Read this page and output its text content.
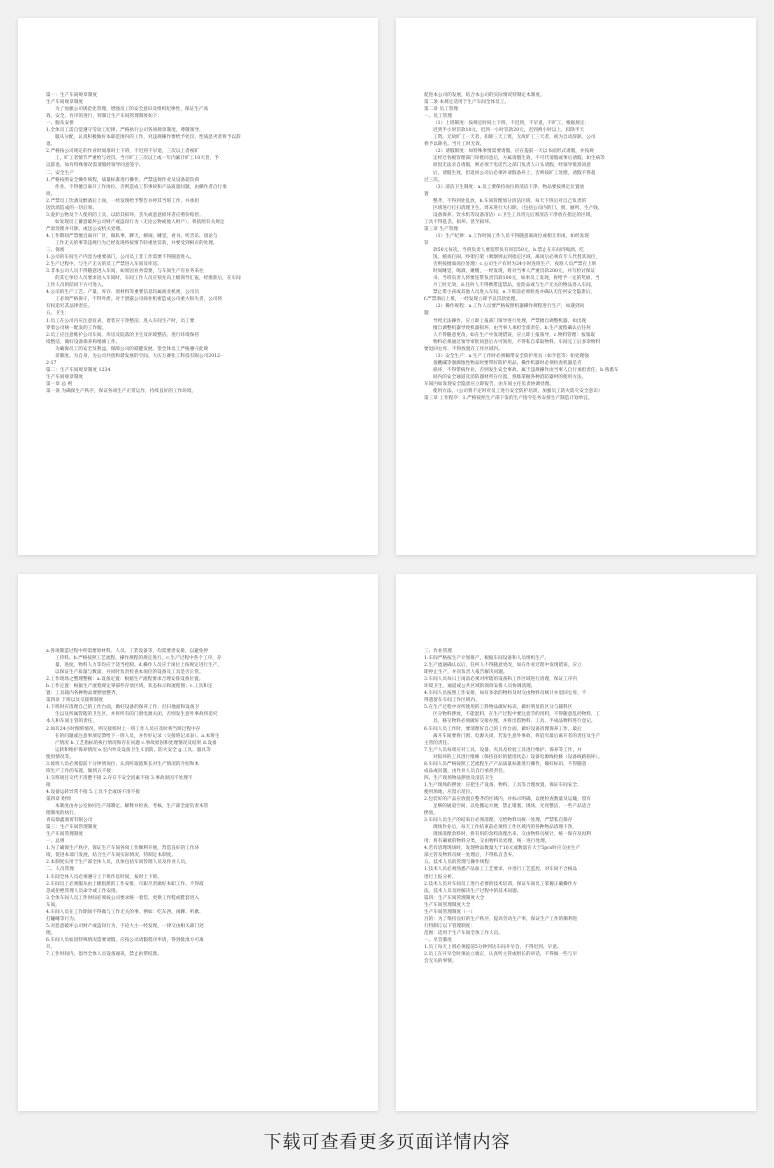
篇一：生产车间规章制度
生产车间规章制度
为了加强公司规范化管理，增强员工的安全意识及组织纪律性，保证生产高
效、安全、有序的进行，特制订生产车间管理制度如下：
一、服从安排
1.全体员工需自觉遵守劳动工纪律，严格执行公司各项规章制度，尊敬领导，
服从分配，认真积极做好本职范围内的工作，对违规操作要给予处罚，性质恶劣者将予以辞
退。
2.严格按公司规定的作业时间准时上下班，不迟到不早退，三次以上者视旷
工，旷工者情节严重给与处罚。当月旷工三次以上或一年内累计旷工10天者，予
以辞退，如有特殊情况需请假经领导同意签字。
二、安全生产
1.严格按照安全操作规程，质量标准进行操作，严禁违规作业及设备超负荷
作业，不得擅自离开工作岗位。否则造成工伤事故和产品质量问题，由操作者自行承
担。
2.严禁员工饮酒及醉酒后上岗，一经发现给予警告并停其当班工作，并承担
因饮酒造成的一切后果。
3.爱护公物及个人使用的工具，以防其损坏，丢失或恶意损坏者应照价赔偿。
如发现员工蓄意破坏公司财产或盗窃行为（无论公物或他人财产），将依照有关规定
严肃处理并开除，或送公安机关处理。
4.工作期间严禁擅自离开厂区，做私事，聊天，嬉闹，睡觉，看书，听音乐，谈论与
工作无关的事等违规行为已经发现将按情节轻重处罚款，并要受到相应的处理。
三、保密
1.公司的车间生产内容为重要部门，公司员工非工作需要不得随意进入。
2.生产过程中，与生产无关的员工严禁进入车间及库房。
3.非本公司人员不得随意进入车间，如果因业务需要，与车间生产有业务来往
的其它单位人员要求进入车间时，车间工作人员应预先向上级领导汇报，经批准后，在车间
工作人员的陪同下方可进入。
4.公司的生产工艺、产量、库存、原材料等重要信息均属商业机密，公司员
工必须严格保守，不得外泄。对于泄露公司商业机密造成公司重大损失者，公司将
有权追究其法律责任。
五、卫生：
1.员工在公司内应注意仪表，着装应干净整洁；进入车间生产时，员工要
穿着公司统一配发的工作服。
2.员工应注意维护公司车间、库房及院落的卫生及环境整洁。进行环境保持
境整洁，做好设备保养和维修工作。
为确保员工的安全及利益，保障公司的稳健发展，望全体员工严格遵守此规
章制度。为自身，为公司共创和谐发展的空间。大庆万赛化工科技有限公司2012-
2-17
篇二：生产车间规章制度 1234
生产车间规章制度
第一章 总 则
第一条 为确保生产秩序，保证各项生产正常运作，持续良好的工作环境，
促进本公司的发展，结合本公司的实际情况特制定本制度。
第二条 本规定适用于生产车间全体员工。
第二章 员工管理
一、员工管理
（1）上班制度：按规定时间上下班，不迟到，不早退，不旷工，根据规定：
迟到半小时罚款10元，迟到一小时罚款20元，迟到两小时以上，扣除半天
工资。无故旷工一天者，扣除三天工资，无故旷工三天者，视为自动辞职，公司
将予以除名。当月工时无效。
（2）请假制度：如特殊事情需要请假，应在提前一天以书面形式请假，并按规
定经过各级管理部门审批同意后，方属请假生效，不可代请假或事后请假，如生病等
原因无法亲自请假，则必须于电话告之部门负责人口头请假，经领导批准同意
后，请假生效，但返回公司后必须补请假条补上，否则按旷工处理，请假不得超
过三次。
（3）清洁卫生制度：a.员工要保持岗位的清洁干净，物品要按规定位置放
置
整齐，不得到处乱放，b.车间管理划分清洁区域，每天下班后对自己负责的
区域进行打扫清理卫生。周末进行大扫除，（包括公司内的门、窗、厕所、生产线、
设备保养、饮水机等设备清洁）c.卫生工具用完后须清洁干净放在指定的区域，
工具不得乱丢、损坏、甚至损坏。
第三章 生产管理
（1）生产纪律：a.工作时间工作人员不得随意离岗位或相互串岗，如经发现
罚
款50元每次。当班负责人要追带负有同罚50元，b.禁止在车间内喝酒、吃
饭、嬉戏打闹、吵架打架（吸烟则去到指定区域，离岗后必须有专人代替其岗位，
否则按擅离岗位处理）c.公司生产有时为24小时连班生产，夜班人员严禁在上班
时间睡觉，喝酒，聚赌，一经发现，将对当事人严重罚款200元，并写检讨保证
书，当班负责人将要连带负责罚款100元，如果员工发现，将给予一定的奖励，当
月工时无效，d.任何人不得携带违禁品，危险品或与生产无关的物品进入车间，
禁止带小孩或其他人员进入车间，e.下班前必须检查并确认无任何安全隐患后，
f.严禁酒后上班，一经发现立即予以罚款处理。
（2）操作规程：a.工作人员要严格按照机器操作规程进行生产，如遇到问
题
导致无法操作，应立即上报部门领导进行处理，严禁擅自调整机器，如出现
擅自调整机器导致机器损坏，由当事人承担全部责任，b.生产流程确认后任何
人不得随意更改，如在生产中发现错误，应立即上报领导，c.物料管理：按领取
物料必须通过领导审批同意后方可领用，不得私自拿取物料，车间完工后多余物料
要退回仓库，不得放置在工作区域内。
（3）安全生产：a.生产工作时必须佩带安全防护用具（如手套等）如处理强
条酸碱等强腐蚀性物品时要带好防护用品，操作机器时必须检查机器是否
损坏，不得带病作业，否则发生安全事故，属于违规操作由当事人自行承担责任，b.熟悉车
间内的安全通道及消防器材所在位置，熟练掌握各种消防器材的使用方法，
车间内如发现安全隐患应立即报告，由车间主任负责协调处理。
使用方法。（公司将不定时对员工进行安全防护培训，加强员工防火防灾安全意识）
第三章 工作程序：1.严格按照生产部下发的生产指令任务安排生产制造计划单宜。
a.各项制造过程中所需要原材料、人员、工装设备等，均需要责安排，以避免停
工待料。b.严格按照工艺流程、操作规程的规定进行。c.生产过程中各个工序，存
量、进度、物料人力等均应于适当控制。d.操作人员应于岗位上按规定进行生产，
以保证生产质量与数量，并同时负责检查本岗位的设备及工具是否正常。
2.工作现场之整理整顿：a.设备定置：根据生产流程要求合理安排设备位置。
b.工作定置：根据生产流程规定零部件存放区域，状态标示和流程图；c.工具和定
置：工具箱内各种物品要摆放整齐，
第四章 下班以及交接班制度
1.下班时应清理自己的工作台面，做好设备的保养工作，打扫地面和设备卫
生以及所属管辖的卫生区，并将所有的门窗电源关闭，否则发生意外事故将追究
本人和车间主管的责任。
2.如有24小时倒班情况，则交接班时上一班工作人员应及时将当班过程中存
在的问题或注意事项反馈给下一班人员，并作好记录（交接班记录表）。a.本班生
产情况 b.工艺指标的执行情况和存在问题 c.事故原因和处理情况及结果 d.设备
运转和维护保养情况 e.室内外及设备卫生 f.消防、防火安全 g.工具、器具等
使用情况等。
3.接班人员必须提前十分钟到岗位，认真听取值班长对生产情况的介绍和本
班生产工作的布置，做到五不接：
1.交班项目交代不清楚不接 2.存在不安全因素不接 3.事故原因不处理不
接
4.设备运转异常不接 5.工具不全或场不清不接
第四章 附则
本制度由办公室协同生产部制定、解释并检查、考核。生产部全面负责本管
理制度的执行。
青岛鼎鑫商贸有限公司
篇三：生产车间管理制度
生产车间管理制度
一、总则
1.为了确保生产秩序，保证生产车间各项工作顺利开展，营造良好的工作环
境，促进本部门发展，结合生产车间实际情况，特制定本制度。
2.本制度实用于生产部全体人员，具体包括车间管理人员及作业人员。
二、人员管理
1.车间全体人员必须遵守上下班作息时间，按时上下班。
2.车间员工必须服从由上级指派的工作安排，尽职尽责做好本职工作。不得疏
忽或拒绝管理人员命令或工作安排。
3.全体车间人员工作时间必须按公司要求统一着装，更换工作鞋或鞋套进入
车间。
4.车间人员在工作期间不得做与工作无关的事。例如：吃东西、闲聊、听歌、
打瞌睡等行为。
5.对恶意破坏公司财产或盗窃行为，不论大小一经发现，一律交由相关部门处
理。
6.车间人员如因特殊情况需要请假，应按公司请假程序申请，得到批准方可离
开。
7.工作时间内，倡导全体人员设备通讯，禁止拍帮结派。
三、作业管理
1.车间严格按生产计划排产，根据车间设备和人员组织生产。
2.生产流通确认以后，任何人不得随意更改，如在作业过程中发现错误，应立
即停止生产，并向负责人报告解决问题。
3.车间人员每日上岗前必须对所辖的设备和工作区域进行清理，保证工序内
环境卫生，通道或公共区域的领班安排人员协调清理。
4.车间人员按照工作安排，如有多余的物料及时交由物料员统计并退回仓库，不
得遗留在车间工作区域内。
5.在生产过程中对所使用的工料物品做好标识，做好明显的区分与辅料区
区分物料摆放，不能混料，在生产过程中要注意节约用料，不得随意乱扔物料，工
具，移交物料必须做好交接办理，并将出借物料、工具、半成品物料进行登记。
6.车间人员工作时，要清理好自己的工作台面，做好设备清理保养工作，最后
离开车间要将门窗、电源关闭，若发生意外事故，将追究最后离开者的责任及生产
主管的责任。
7.生产人员每周应对工具、设备、夹具及检验工具进行维护、保养等工作，并
对损坏的工具进行维修（保持良好的使用状态）设备电源线检修（设备线路损坏）。
8.车间人员严格按照工艺流程生产产品质量标准进行操作，做好标识，不得随意
成品或问题，由作业人员自行承担责任。
四、生产现场物品摆放及清洁卫生
1.生产现场的摆放：应把生产设备、物料、工具等合理放置，保证车间安全、
便用场地，应留示范位。
2.包装好的产品应放置在整齐的区域内，并标示明确，以便检查数量及运输，留有
足够的通道空间，以免搬运方便，禁止堵塞，现场，光亮整洁，一些产品适合
摆放。
3.车间人员生产的结束后必须清理，交给物料员统一处理，严禁私自保存
现场作业后，每天工作结束前必须将工作区域内的各种物品清理干净，
现场清理余料时，将有用的余料清理出来，交由物料员统计，统一保存及再利
用；将有确被的物料分类，交由物料员处理，统一进行处理。
4.若有清理现场时，发现物品数量大于10元或数量在大于5pcs时应交由生产
部主管及物料员统一处理后，不得私自丢弃。
五、技术人员的管理与操作规程：
1.技术人员必须熟悉产品加工工艺要求，并进行工艺监控，对车间不合格品
进行上报分析。
2.技术人员对车间员工进行必要的技术培训，保证车间员工掌握正确操作方
法，技术人员及时解决生产过程中的技术问题。
篇四：生产车间管理制度大全
生产车间管理制度大全
生产车间管理制度（一）
目的：为了维持良好的生产秩序，提高劳动生产率，保证生产工作的顺利进
行特制订以下管理制度：
范围：适用于生产车间全体工作人员。
一、早会制度
1.员工每天上班必须提前5分钟到达车间开早会，不得迟到、早退。
2.员工在开早会时须站立端正，认真听主管或组长的讲话，不得做一些与早
会无关的事情。
下载可查看更多页面详情内容
